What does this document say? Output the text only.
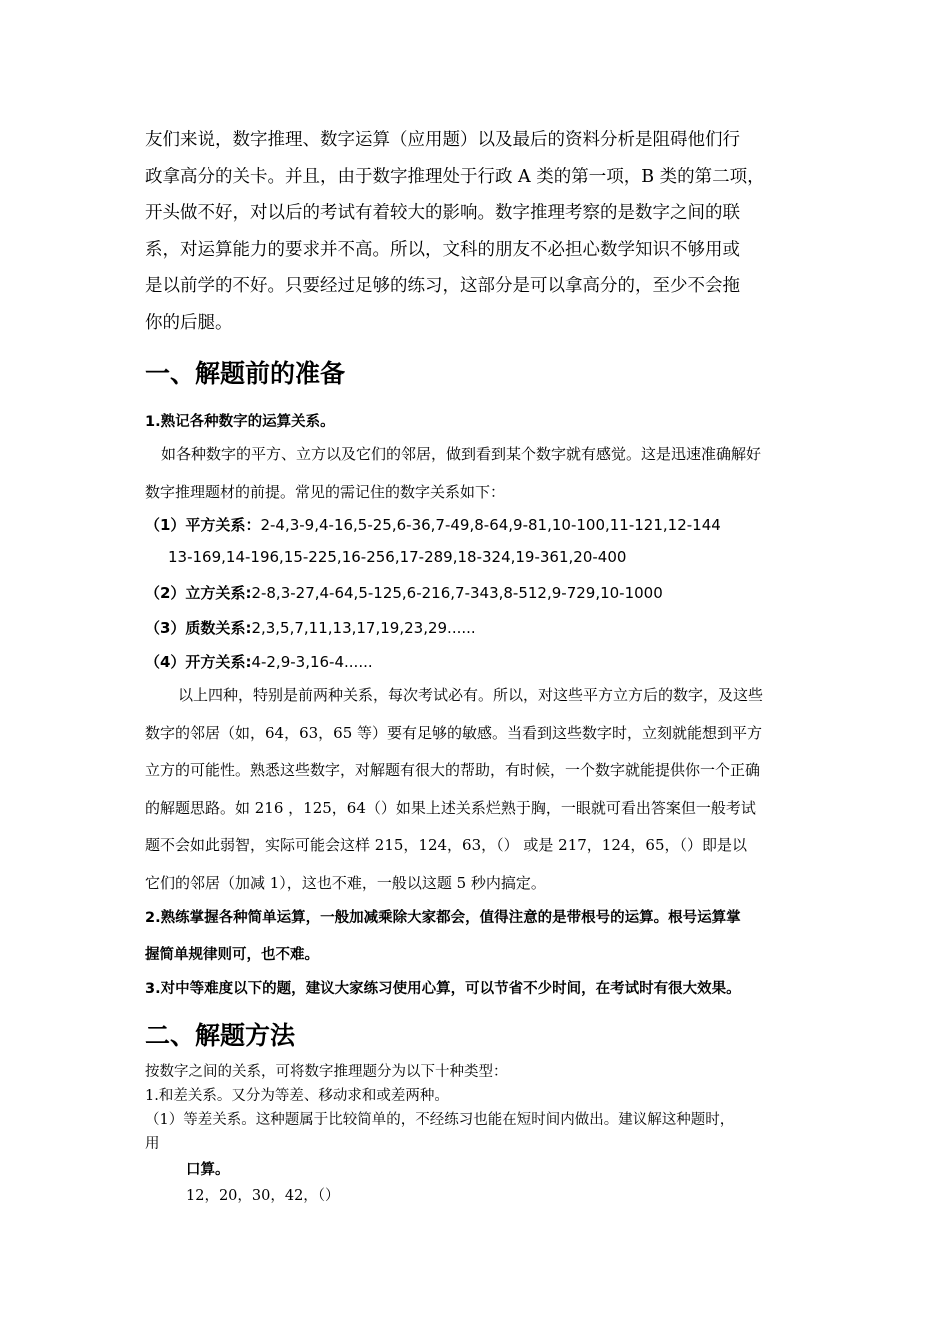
友们来说，数字推理、数字运算（应用题）以及最后的资料分析是阻碍他们行
政拿高分的关卡。并且，由于数字推理处于行政 A 类的第一项，B 类的第二项，
开头做不好，对以后的考试有着较大的影响。数字推理考察的是数字之间的联
系，对运算能力的要求并不高。所以，文科的朋友不必担心数学知识不够用或
是以前学的不好。只要经过足够的练习，这部分是可以拿高分的，至少不会拖
你的后腿。
一、解题前的准备
1.熟记各种数字的运算关系。
如各种数字的平方、立方以及它们的邻居，做到看到某个数字就有感觉。这是迅速准确解好
数字推理题材的前提。常见的需记住的数字关系如下：
（1）平方关系：2-4,3-9,4-16,5-25,6-36,7-49,8-64,9-81,10-100,11-121,12-144
13-169,14-196,15-225,16-256,17-289,18-324,19-361,20-400
（2）立方关系:2-8,3-27,4-64,5-125,6-216,7-343,8-512,9-729,10-1000
（3）质数关系:2,3,5,7,11,13,17,19,23,29......
（4）开方关系:4-2,9-3,16-4......
以上四种，特别是前两种关系，每次考试必有。所以，对这些平方立方后的数字，及这些
数字的邻居（如，64，63，65 等）要有足够的敏感。当看到这些数字时，立刻就能想到平方
立方的可能性。熟悉这些数字，对解题有很大的帮助，有时候，一个数字就能提供你一个正确
的解题思路。如 216 ，125，64（）如果上述关系烂熟于胸，一眼就可看出答案但一般考试
题不会如此弱智，实际可能会这样 215，124，63，（） 或是 217，124，65，（）即是以
它们的邻居（加减 1），这也不难，一般以这题 5 秒内搞定。
2.熟练掌握各种简单运算，一般加减乘除大家都会，值得注意的是带根号的运算。根号运算掌
握简单规律则可，也不难。
3.对中等难度以下的题，建议大家练习使用心算，可以节省不少时间，在考试时有很大效果。
二、解题方法
按数字之间的关系，可将数字推理题分为以下十种类型：
1.和差关系。又分为等差、移动求和或差两种。
（1）等差关系。这种题属于比较简单的，不经练习也能在短时间内做出。建议解这种题时，
用
口算。
12，20，30，42，（）
